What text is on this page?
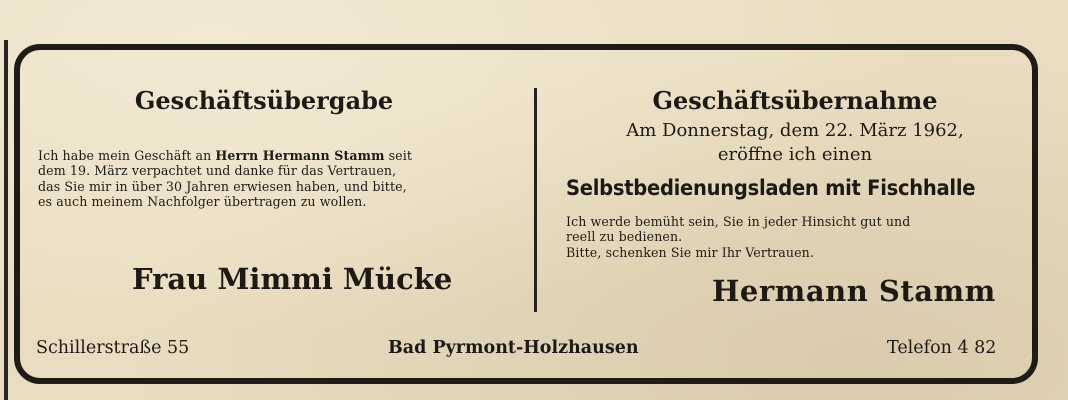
Geschäftsübergabe
Ich habe mein Geschäft an Herrn Hermann Stamm seit
dem 19. März verpachtet und danke für das Vertrauen,
das Sie mir in über 30 Jahren erwiesen haben, und bitte,
es auch meinem Nachfolger übertragen zu wollen.
Frau Mimmi Mücke
Geschäftsübernahme
Am Donnerstag, dem 22. März 1962,
eröffne ich einen
Selbstbedienungsladen mit Fischhalle
Ich werde bemüht sein, Sie in jeder Hinsicht gut und
reell zu bedienen.
Bitte, schenken Sie mir Ihr Vertrauen.
Hermann Stamm
Schillerstraße 55	Bad Pyrmont-Holzhausen	Telefon 4 82
